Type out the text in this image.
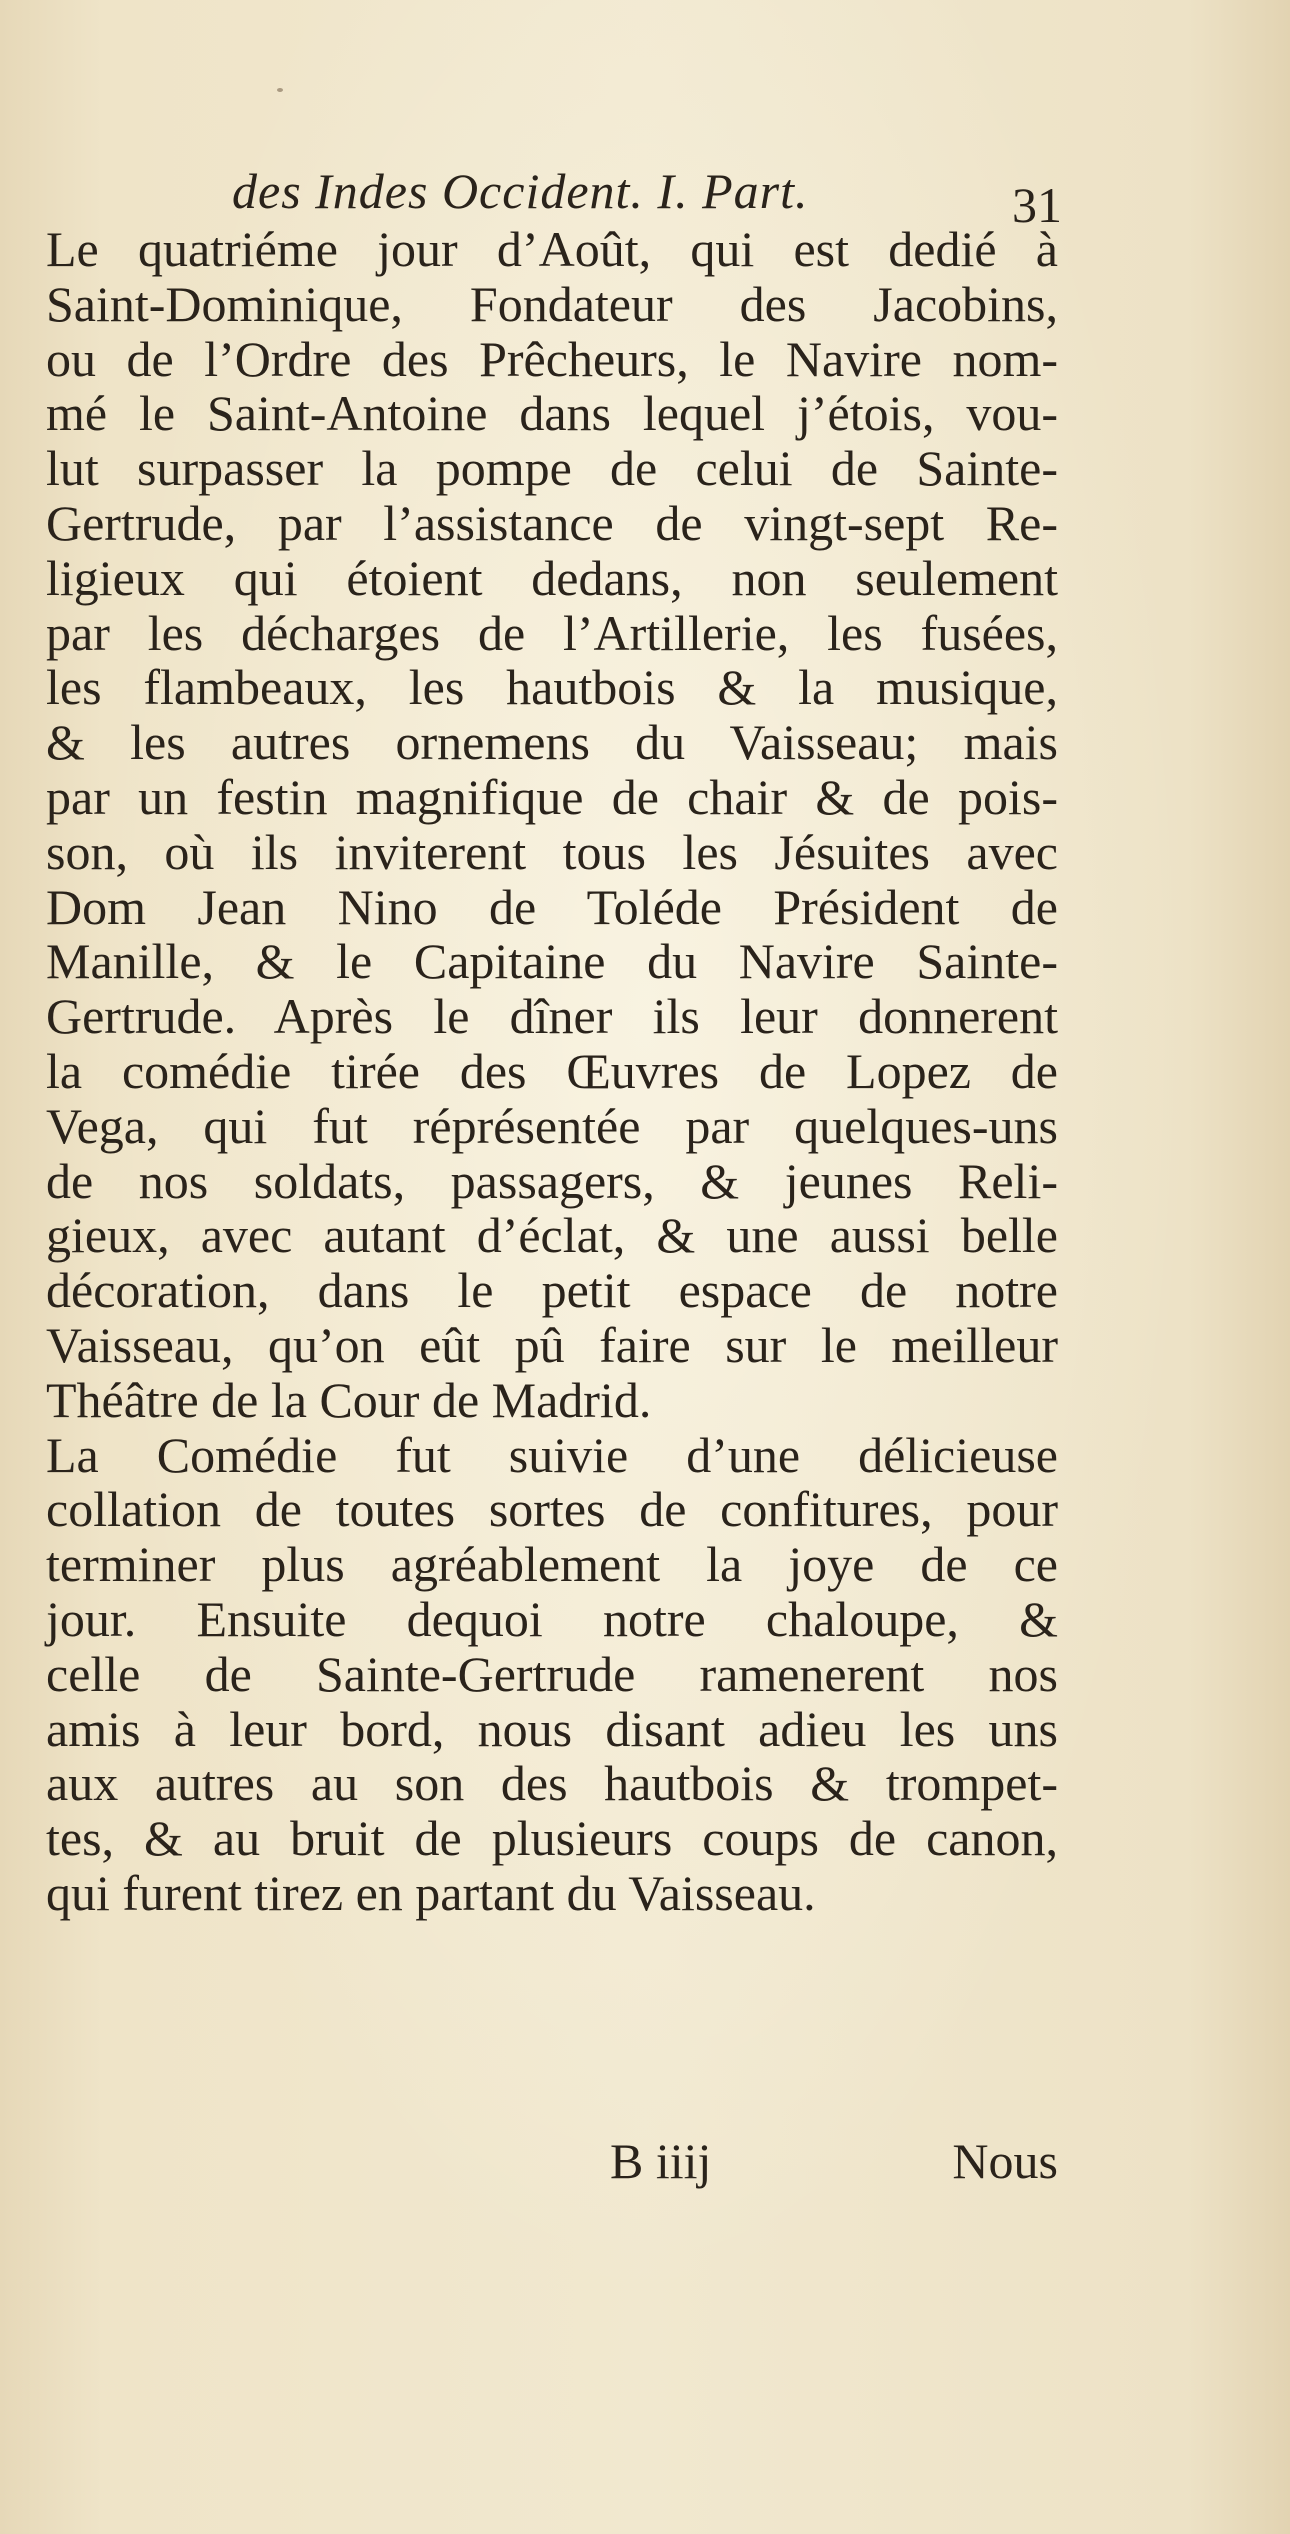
des Indes Occident. I. Part.	31
Le quatriéme jour d’Août, qui est dedié à
Saint-Dominique, Fondateur des Jacobins,
ou de l’Ordre des Prêcheurs, le Navire nom-
mé le Saint-Antoine dans lequel j’étois, vou-
lut surpasser la pompe de celui de Sainte-
Gertrude, par l’assistance de vingt-sept Re-
ligieux qui étoient dedans, non seulement
par les décharges de l’Artillerie, les fusées,
les flambeaux, les hautbois & la musique,
& les autres ornemens du Vaisseau; mais
par un festin magnifique de chair & de pois-
son, où ils inviterent tous les Jésuites avec
Dom Jean Nino de Toléde Président de
Manille, & le Capitaine du Navire Sainte-
Gertrude. Après le dîner ils leur donnerent
la comédie tirée des Œuvres de Lopez de
Vega, qui fut réprésentée par quelques-uns
de nos soldats, passagers, & jeunes Reli-
gieux, avec autant d’éclat, & une aussi belle
décoration, dans le petit espace de notre
Vaisseau, qu’on eût pû faire sur le meilleur
Théâtre de la Cour de Madrid.
La Comédie fut suivie d’une délicieuse
collation de toutes sortes de confitures, pour
terminer plus agréablement la joye de ce
jour. Ensuite dequoi notre chaloupe, &
celle de Sainte-Gertrude ramenerent nos
amis à leur bord, nous disant adieu les uns
aux autres au son des hautbois & trompet-
tes, & au bruit de plusieurs coups de canon,
qui furent tirez en partant du Vaisseau.
B iiij	Nous
